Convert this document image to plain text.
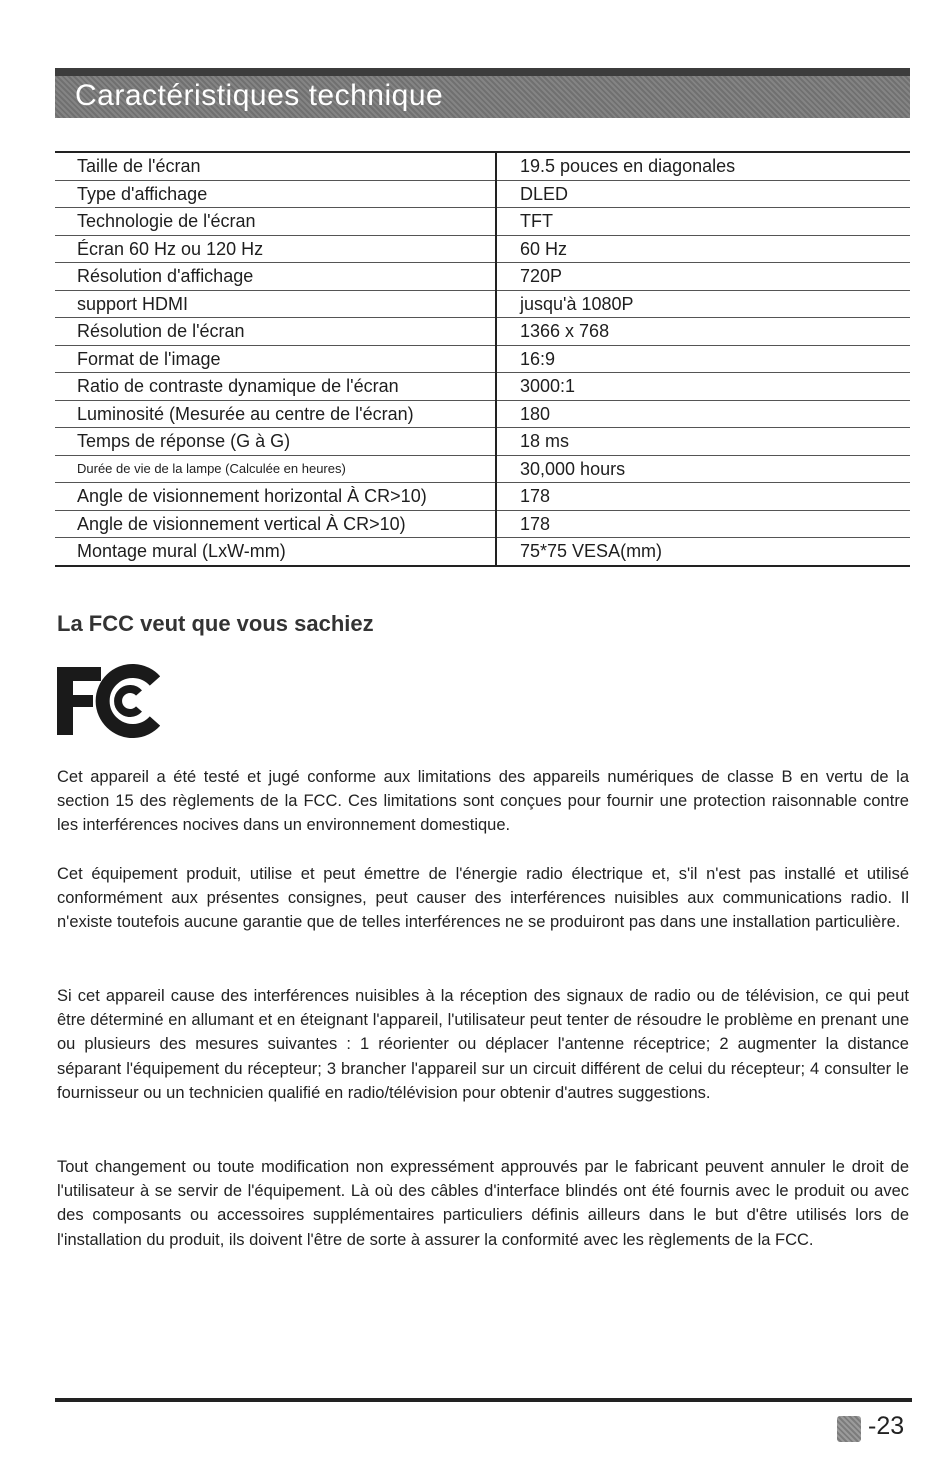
Caractéristiques technique
Taille de l'écran	19.5 pouces en diagonales
Type d'affichage	DLED
Technologie de l'écran	TFT
Écran 60 Hz ou 120 Hz	60 Hz
Résolution d'affichage	720P
support HDMI	jusqu'à 1080P
Résolution de l'écran	1366 x 768
Format de l'image	16:9
Ratio de contraste dynamique de l'écran	3000:1
Luminosité (Mesurée au centre de l'écran)	180
Temps de réponse (G à G)	18 ms
Durée de vie de la lampe (Calculée en heures)	30,000 hours
Angle de visionnement horizontal À CR>10)	178
Angle de visionnement vertical À CR>10)	178
Montage mural (LxW-mm)	75*75 VESA(mm)
La FCC veut que vous sachiez
Cet appareil a été testé et jugé conforme aux limitations des appareils numériques de classe B en vertu de la section 15 des règlements de la FCC. Ces limitations sont conçues pour fournir une protection raisonnable contre les interférences nocives dans un environnement domestique.
Cet équipement produit, utilise et peut émettre de l'énergie radio électrique et, s'il n'est pas installé et utilisé conformément aux présentes consignes, peut causer des interférences nuisibles aux communications radio. Il n'existe toutefois aucune garantie que de telles interférences ne se produiront pas dans une installation particulière.
Si cet appareil cause des interférences nuisibles à la réception des signaux de radio ou de télévision, ce qui peut être déterminé en allumant et en éteignant l'appareil, l'utilisateur peut tenter de résoudre le problème en prenant une ou plusieurs des mesures suivantes : 1 réorienter ou déplacer l'antenne réceptrice; 2 augmenter la distance séparant l'équipement du récepteur; 3 brancher l'appareil sur un circuit différent de celui du récepteur; 4 consulter le fournisseur ou un technicien qualifié en radio/télévision pour obtenir d'autres suggestions.
Tout changement ou toute modification non expressément approuvés par le fabricant peuvent annuler le droit de l'utilisateur à se servir de l'équipement. Là où des câbles d'interface blindés ont été fournis avec le produit ou avec des composants ou accessoires supplémentaires particuliers définis ailleurs dans le but d'être utilisés lors de l'installation du produit, ils doivent l'être de sorte à assurer la conformité avec les règlements de la FCC.
-23
